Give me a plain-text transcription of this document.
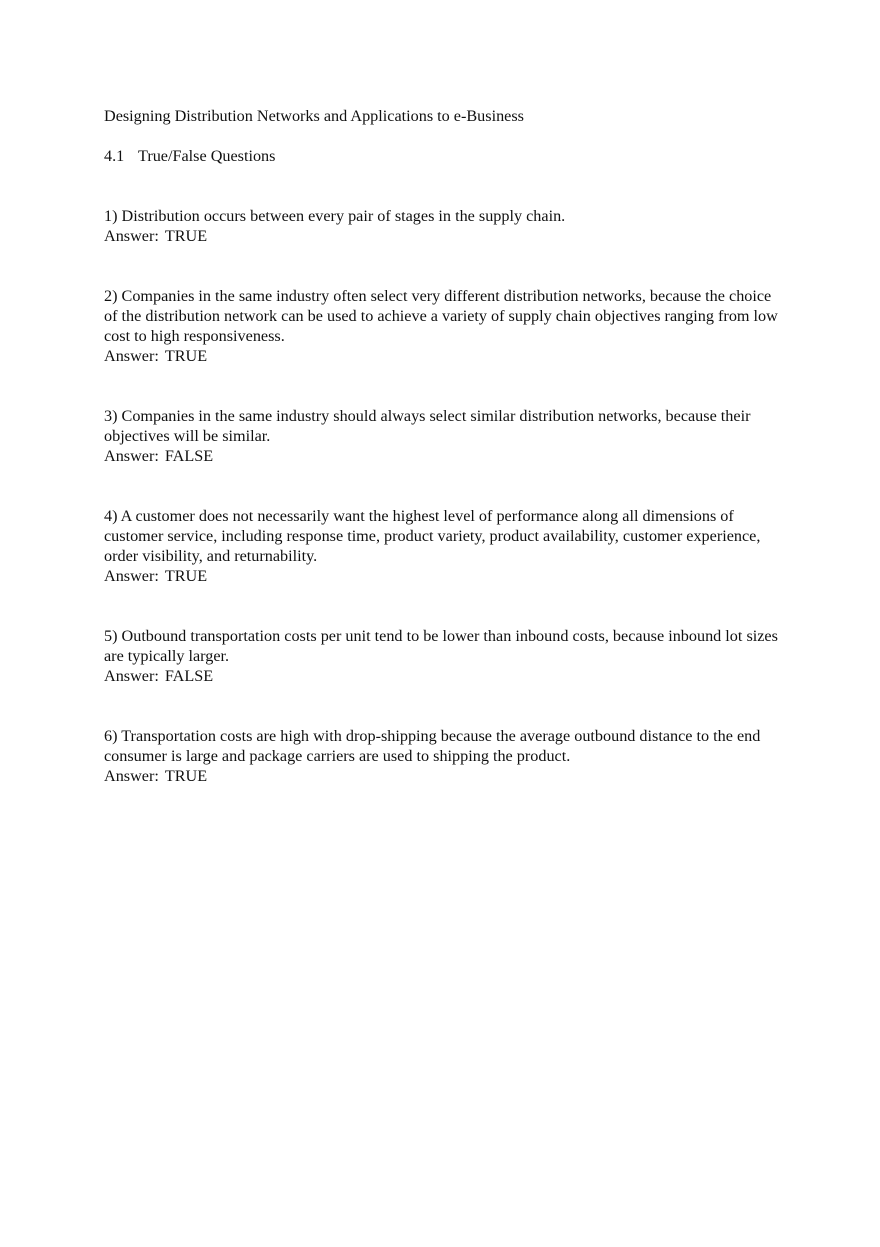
Designing Distribution Networks and Applications to e-Business
4.1 True/False Questions

1) Distribution occurs between every pair of stages in the supply chain.

Answer: TRUE

2) Companies in the same industry often select very different distribution networks, because the choice of the distribution network can be used to achieve a variety of supply chain objectives ranging from low cost to high responsiveness.

Answer: TRUE

3) Companies in the same industry should always select similar distribution networks, because their objectives will be similar.

Answer: FALSE

4) A customer does not necessarily want the highest level of performance along all dimensions of customer service, including response time, product variety, product availability, customer experience, order visibility, and returnability.

Answer: TRUE

5) Outbound transportation costs per unit tend to be lower than inbound costs, because inbound lot sizes are typically larger.

Answer: FALSE

6) Transportation costs are high with drop-shipping because the average outbound distance to the end consumer is large and package carriers are used to shipping the product.

Answer: TRUE
